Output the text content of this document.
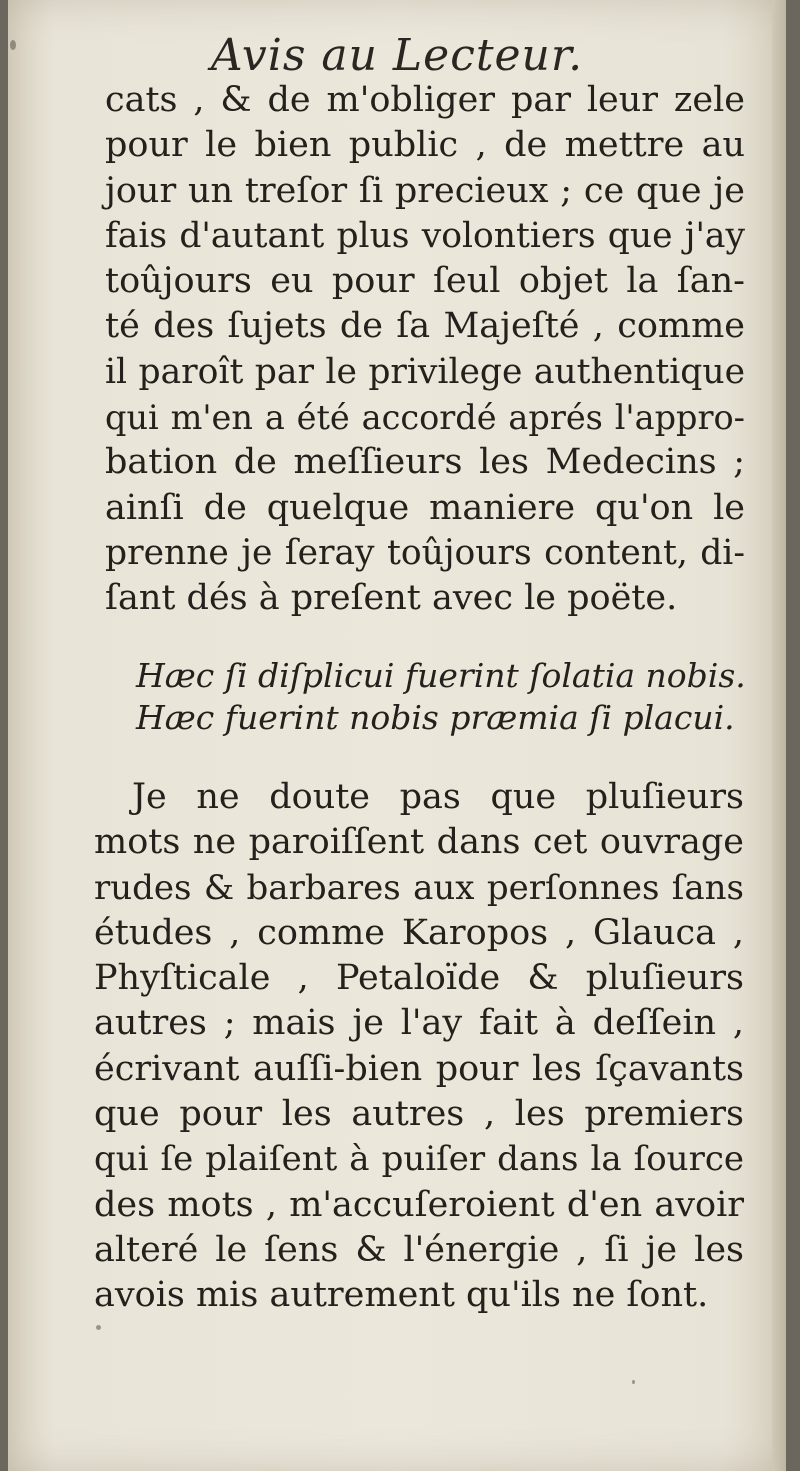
Avis au Lecteur.
cats , & de m'obliger par leur zele
pour le bien public , de mettre au
jour un treſor ſi precieux ; ce que je
fais d'autant plus volontiers que j'ay
toûjours eu pour ſeul objet la ſan-
té des ſujets de ſa Majeſté , comme
il paroît par le privilege authentique
qui m'en a été accordé aprés l'appro-
bation de meſſieurs les Medecins ;
ainſi de quelque maniere qu'on le
prenne je ſeray toûjours content, di-
ſant dés à preſent avec le poëte.
Hæc ſi diſplicui fuerint ſolatia nobis.
Hæc fuerint nobis præmia ſi placui.
Je ne doute pas que pluſieurs
mots ne paroiſſent dans cet ouvrage
rudes & barbares aux perſonnes ſans
études , comme Karopos , Glauca ,
Phyſticale , Petaloïde & pluſieurs
autres ; mais je l'ay fait à deſſein ,
écrivant auſſi-bien pour les ſçavants
que pour les autres , les premiers
qui ſe plaiſent à puiſer dans la ſource
des mots , m'accuſeroient d'en avoir
alteré le ſens & l'énergie , ſi je les
avois mis autrement qu'ils ne ſont.
